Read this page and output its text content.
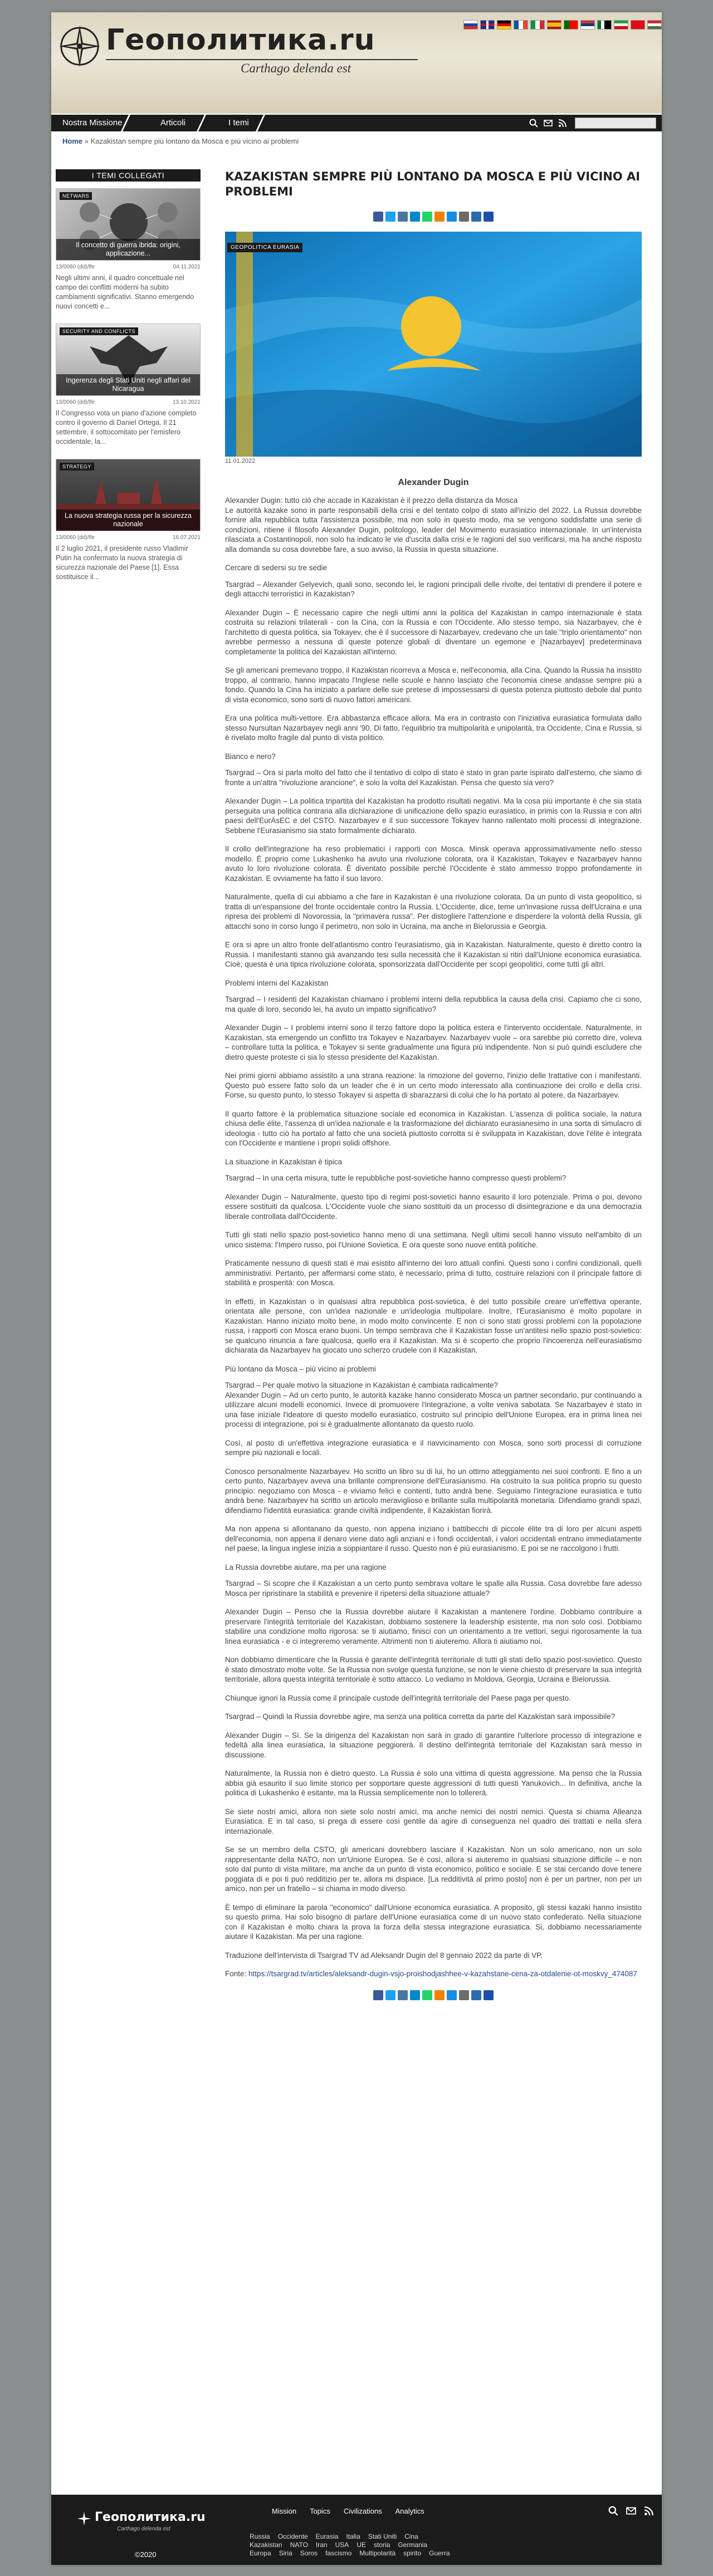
Геополитика.ru
Carthago delenda est
Nostra Missione	Articoli	I temi
Home » Kazakistan sempre più lontano da Mosca e più vicino ai problemi
I TEMI COLLEGATI
NETWARS
Il concetto di guerra ibrida: origini, applicazione...
13/0060 (dd)/lfe	04.11.2021
Negli ultimi anni, il quadro concettuale nel campo dei conflitti moderni ha subito cambiamenti significativi. Stanno emergendo nuovi concetti e...
SECURITY AND CONFLICTS
Ingerenza degli Stati Uniti negli affari del Nicaragua
13/0060 (dd)/lfe	13.10.2021
Il Congresso vota un piano d'azione completo contro il governo di Daniel Ortega. Il 21 settembre, il sottocomitato per l'emisfero occidentale, la...
STRATEGY
La nuova strategia russa per la sicurezza nazionale
13/0060 (dd)/lfe	16.07.2021
Il 2 luglio 2021, il presidente russo Vladimir Putin ha confermato la nuova strategia di sicurezza nazionale del Paese [1]. Essa sostituisce il...
KAZAKISTAN SEMPRE PIÙ LONTANO DA MOSCA E PIÙ VICINO AI PROBLEMI
GEOPOLITICA EURASIA
11.01.2022
Alexander Dugin

Alexander Dugin: tutto ciò che accade in Kazakistan è il prezzo della distanza da Mosca
Le autorità kazake sono in parte responsabili della crisi e del tentato colpo di stato all'inizio del 2022. La Russia dovrebbe fornire alla repubblica tutta l'assistenza possibile, ma non solo in questo modo, ma se vengono soddisfatte una serie di condizioni, ritiene il filosofo Alexander Dugin, politologo, leader del Movimento eurasiatico internazionale. In un'intervista rilasciata a Costantinopoli, non solo ha indicato le vie d'uscita dalla crisi e le ragioni del suo verificarsi, ma ha anche risposto alla domanda su cosa dovrebbe fare, a suo avviso, la Russia in questa situazione.

Cercare di sedersi su tre sedie

Tsargrad – Alexander Gelyevich, quali sono, secondo lei, le ragioni principali delle rivolte, dei tentativi di prendere il potere e degli attacchi terroristici in Kazakistan?

Alexander Dugin – È necessario capire che negli ultimi anni la politica del Kazakistan in campo internazionale è stata costruita su relazioni trilaterali - con la Cina, con la Russia e con l'Occidente. Allo stesso tempo, sia Nazarbayev, che è l'architetto di questa politica, sia Tokayev, che è il successore di Nazarbayev, credevano che un tale "triplo orientamento" non avrebbe permesso a nessuna di queste potenze globali di diventare un egemone e [Nazarbayev] predeterminava completamente la politica del Kazakistan all'interno.

Se gli americani premevano troppo, il Kazakistan ricorreva a Mosca e, nell'economia, alla Cina. Quando la Russia ha insistito troppo, al contrario, hanno impacato l'Inglese nelle scuole e hanno lasciato che l'economia cinese andasse sempre più a fondo. Quando la Cina ha iniziato a parlare delle sue pretese di impossessarsi di questa potenza piuttosto debole dal punto di vista economico, sono sorti di nuovo fattori americani.

Era una politica multi-vettore. Era abbastanza efficace allora. Ma era in contrasto con l'iniziativa eurasiatica formulata dallo stesso Nursultan Nazarbayev negli anni '90. Di fatto, l'equilibrio tra multipolarità e unipolarità, tra Occidente, Cina e Russia, si è rivelato molto fragile dal punto di vista politico.

Bianco e nero?

Tsargrad – Ora si parla molto del fatto che il tentativo di colpo di stato è stato in gran parte ispirato dall'esterno, che siamo di fronte a un'altra "rivoluzione arancione", è solo la volta del Kazakistan. Pensa che questo sia vero?

Alexander Dugin – La politica tripartita del Kazakistan ha prodotto risultati negativi. Ma la cosa più importante è che sia stata perseguita una politica contraria alla dichiarazione di unificazione dello spazio eurasiatico, in primis con la Russia e con altri paesi dell'EurAsEC e del CSTO. Nazarbayev e il suo successore Tokayev hanno rallentato molti processi di integrazione. Sebbene l'Eurasianismo sia stato formalmente dichiarato.

Il crollo dell'integrazione ha reso problematici i rapporti con Mosca. Minsk operava approssimativamente nello stesso modello. È proprio come Lukashenko ha avuto una rivoluzione colorata, ora il Kazakistan, Tokayev e Nazarbayev hanno avuto lo loro rivoluzione colorata. È diventato possibile perché l'Occidente è stato ammesso troppo profondamente in Kazakistan. E ovviamente ha fatto il suo lavoro.

Naturalmente, quella di cui abbiamo a che fare in Kazakistan è una rivoluzione colorata. Da un punto di vista geopolitico, si tratta di un'espansione del fronte occidentale contro la Russia. L'Occidente, dice, teme un'invasione russa dell'Ucraina e una ripresa dei problemi di Novorossia, la "primavera russa". Per distogliere l'attenzione e disperdere la volontà della Russia, gli attacchi sono in corso lungo il perimetro, non solo in Ucraina, ma anche in Bielorussia e Georgia.

E ora si apre un altro fronte dell'atlantismo contro l'eurasiatismo, già in Kazakistan. Naturalmente, questo è diretto contro la Russia. I manifestanti stanno già avanzando tesi sulla necessità che il Kazakistan si ritiri dall'Unione economica eurasiatica. Cioè, questa è una tipica rivoluzione colorata, sponsorizzata dall'Occidente per scopi geopolitici, come tutti gli altri.

Problemi interni del Kazakistan

Tsargrad – I residenti del Kazakistan chiamano i problemi interni della repubblica la causa della crisi. Capiamo che ci sono, ma quale di loro, secondo lei, ha avuto un impatto significativo?

Alexander Dugin – I problemi interni sono il terzo fattore dopo la politica estera e l'intervento occidentale. Naturalmente, in Kazakistan, sta emergendo un conflitto tra Tokayev e Nazarbayev. Nazarbayev vuole – ora sarebbe più corretto dire, voleva – controllare tutta la politica, e Tokayev si sente gradualmente una figura più indipendente. Non si può quindi escludere che dietro queste proteste ci sia lo stesso presidente del Kazakistan.

Nei primi giorni abbiamo assistito a una strana reazione: la rimozione del governo, l'inizio delle trattative con i manifestanti. Questo può essere fatto solo da un leader che è in un certo modo interessato alla continuazione dei crollo e della crisi. Forse, su questo punto, lo stesso Tokayev si aspetta di sbarazzarsi di colui che lo ha portato al potere, da Nazarbayev.

Il quarto fattore è la problematica situazione sociale ed economica in Kazakistan. L'assenza di politica sociale, la natura chiusa delle élite, l'assenza di un'idea nazionale e la trasformazione del dichiarato eurasianesimo in una sorta di simulacro di ideologia - tutto ciò ha portato al fatto che una società piuttosto corrotta si è sviluppata in Kazakistan, dove l'élite è integrata con l'Occidente e mantiene i propri solidi offshore.

La situazione in Kazakistan è tipica

Tsargrad – In una certa misura, tutte le repubbliche post-sovietiche hanno compresso questi problemi?

Alexander Dugin – Naturalmente, questo tipo di regimi post-sovietici hanno esaurito il loro potenziale. Prima o poi, devono essere sostituiti da qualcosa. L'Occidente vuole che siano sostituiti da un processo di disintegrazione e da una democrazia liberale controllata dall'Occidente.

Tutti gli stati nello spazio post-sovietico hanno meno di una settimana. Negli ultimi secoli hanno vissuto nell'ambito di un unico sistema: l'Impero russo, poi l'Unione Sovietica. E ora queste sono nuove entità politiche.

Praticamente nessuno di questi stati è mai esistito all'interno dei loro attuali confini. Questi sono i confini condizionali, quelli amministrativi. Pertanto, per affermarsi come stato, è necessario, prima di tutto, costruire relazioni con il principale fattore di stabilità e prosperità: con Mosca.

In effetti, in Kazakistan o in qualsiasi altra repubblica post-sovietica, è del tutto possibile creare un'effettiva operante, orientata alle persone, con un'idea nazionale e un'ideologia multipolare. Inoltre, l'Eurasianismo è molto popolare in Kazakistan. Hanno iniziato molto bene, in modo molto convincente. E non ci sono stati grossi problemi con la popolazione russa, i rapporti con Mosca erano buoni. Un tempo sembrava che il Kazakistan fosse un'antitesi nello spazio post-sovietico: se qualcuno rinuncia a fare qualcosa, quello era il Kazakistan. Ma si è scoperto che proprio l'incoerenza nell'eurasiatismo dichiarata da Nazarbayev ha giocato uno scherzo crudele con il Kazakistan.

Più lontano da Mosca – più vicino ai problemi

Tsargrad – Per quale motivo la situazione in Kazakistan è cambiata radicalmente?
Alexander Dugin – Ad un certo punto, le autorità kazake hanno considerato Mosca un partner secondario, pur continuando a utilizzare alcuni modelli economici. Invece di promuovere l'integrazione, a volte veniva sabotata. Se Nazarbayev è stato in una fase iniziale l'ideatore di questo modello eurasiatico, costruito sul principio dell'Unione Europea, era in prima linea nei processi di integrazione, poi si è gradualmente allontanato da questo ruolo.

Così, al posto di un'effettiva integrazione eurasiatica e il riavvicinamento con Mosca, sono sorti processi di corruzione sempre più nazionali e locali.

Conosco personalmente Nazarbayev. Ho scritto un libro su di lui, ho un ottimo atteggiamento nei suoi confronti. E fino a un certo punto, Nazarbayev aveva una brillante comprensione dell'Eurasianismo. Ha costruito la sua politica proprio su questo principio: negoziamo con Mosca - e viviamo felici e contenti, tutto andrà bene. Seguiamo l'integrazione eurasiatica e tutto andrà bene. Nazarbayev ha scritto un articolo meraviglioso e brillante sulla multipolarità monetaria. Difendiamo grandi spazi, difendiamo l'identità eurasiatica: grande civiltà indipendente, il Kazakistan fiorirà.

Ma non appena si allontanano da questo, non appena iniziano i battibecchi di piccole élite tra di loro per alcuni aspetti dell'economia, non appena il denaro viene dato agli anziani e i fondi occidentali, i valori occidentali entrano immediatamente nel paese, la lingua inglese inizia a soppiantare il russo. Questo non è più eurasianismo. E poi se ne raccolgono i frutti.

La Russia dovrebbe aiutare, ma per una ragione

Tsargrad – Si scopre che il Kazakistan a un certo punto sembrava voltare le spalle alla Russia. Cosa dovrebbe fare adesso Mosca per ripristinare la stabilità e prevenire il ripetersi della situazione attuale?

Alexander Dugin – Penso che la Russia dovrebbe aiutare il Kazakistan a mantenere l'ordine. Dobbiamo contribuire a preservare l'integrità territoriale del Kazakistan, dobbiamo sostenere la leadership esistente, ma non solo così. Dobbiamo stabilire una condizione molto rigorosa: se ti aiutiamo, finisci con un orientamento a tre vettori, segui rigorosamente la tua linea eurasiatica - e ci integreremo veramente. Altrimenti non ti aiuteremo. Allora ti aiutiamo noi.

Non dobbiamo dimenticare che la Russia è garante dell'integrità territoriale di tutti gli stati dello spazio post-sovietico. Questo è stato dimostrato molte volte. Se la Russia non svolge questa funzione, se non le viene chiesto di preservare la sua integrità territoriale, allora questa integrità territoriale è sotto attacco. Lo vediamo in Moldova, Georgia, Ucraina e Bielorussia.

Chiunque ignori la Russia come il principale custode dell'integrità territoriale del Paese paga per questo.

Tsargrad – Quindi la Russia dovrebbe agire, ma senza una politica corretta da parte del Kazakistan sarà impossibile?

Alexander Dugin – Sì. Se la dirigenza del Kazakistan non sarà in grado di garantire l'ulteriore processo di integrazione e fedeltà alla linea eurasiatica, la situazione peggiorerà. Il destino dell'integrità territoriale del Kazakistan sarà messo in discussione.

Naturalmente, la Russia non è dietro questo. La Russia è solo una vittima di questa aggressione. Ma penso che la Russia abbia già esaurito il suo limite storico per sopportare queste aggressioni di tutti questi Yanukovich... In definitiva, anche la politica di Lukashenko è esitante, ma la Russia semplicemente non lo tollererà.

Se siete nostri amici, allora non siete solo nostri amici, ma anche nemici dei nostri nemici. Questa si chiama Alleanza Eurasiatica. E in tal caso, si prega di essere così gentile da agire di conseguenza nel quadro dei trattati e nella sfera internazionale.

Se se un membro della CSTO, gli americani dovrebbero lasciare il Kazakistan. Non un solo americano, non un solo rappresentante della NATO, non un'Unione Europea. Se è così, allora si aiuteremo in qualsiasi situazione difficile – e non solo dal punto di vista militare, ma anche da un punto di vista economico, politico e sociale. E se stai cercando dove tenere poggiata di e poi ti può redditizio per te, allora mi dispiace. [La redditività al primo posto] non è per un partner, non per un amico, non per un fratello – si chiama in modo diverso.

È tempo di eliminare la parola "economico" dall'Unione economica eurasiatica. A proposito, gli stessi kazaki hanno insistito su questo prima. Hai solo bisogno di parlare dell'Unione eurasiatica come di un nuovo stato confederato. Nella situazione con il Kazakistan è molto chiara la prova la forza della stessa integrazione eurasiatica. Si, dobbiamo necessariamente aiutare il Kazakistan. Ma per una ragione.

Traduzione dell'intervista di Tsargrad TV ad Aleksandr Dugin del 8 gennaio 2022 da parte di VP.

Fonte: https://tsargrad.tv/articles/aleksandr-dugin-vsjo-proishodjashhee-v-kazahstane-cena-za-otdalenie-ot-moskvy_474087

Геополитика.ru
Carthago delenda est
©2020
Mission Topics Civilizations Analytics
Russia Occidente Eurasia Italia Stati Uniti CinaKazakistan NATO Iran USA UE storia GermaniaEuropa Siria Soros fascismo Multipolarità spirito Guerra
